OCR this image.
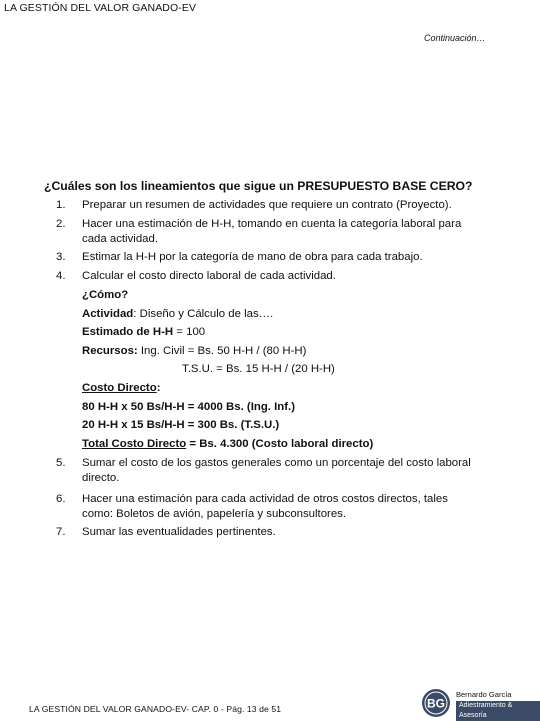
LA GESTIÓN DEL VALOR GANADO-EV
Continuación…
¿Cuáles son los lineamientos que sigue un PRESUPUESTO BASE CERO?
1. Preparar un resumen de actividades que requiere un contrato (Proyecto).
2. Hacer una estimación de H-H, tomando en cuenta la categoría laboral para
cada actividad.
3. Estimar la H-H por la categoría de mano de obra para cada trabajo.
4. Calcular el costo directo laboral de cada actividad.
¿Cómo?
Actividad: Diseño y Cálculo de las….
Estimado de H-H = 100
Recursos: Ing. Civil = Bs. 50 H-H / (80 H-H)
T.S.U. = Bs. 15 H-H / (20 H-H)
Costo Directo:
80 H-H x 50 Bs/H-H = 4000 Bs. (Ing. Inf.)
20 H-H x 15 Bs/H-H = 300 Bs. (T.S.U.)
Total Costo Directo = Bs. 4.300 (Costo laboral directo)
5. Sumar el costo de los gastos generales como un porcentaje del costo laboral
directo.
6. Hacer una estimación para cada actividad de otros costos directos, tales
como: Boletos de avión, papelería y subconsultores.
7. Sumar las eventualidades pertinentes.
LA GESTIÓN DEL VALOR GANADO-EV- CAP. 0 - Pág. 13 de 51	BG
Bernardo García
Adiestramiento & Asesoría
